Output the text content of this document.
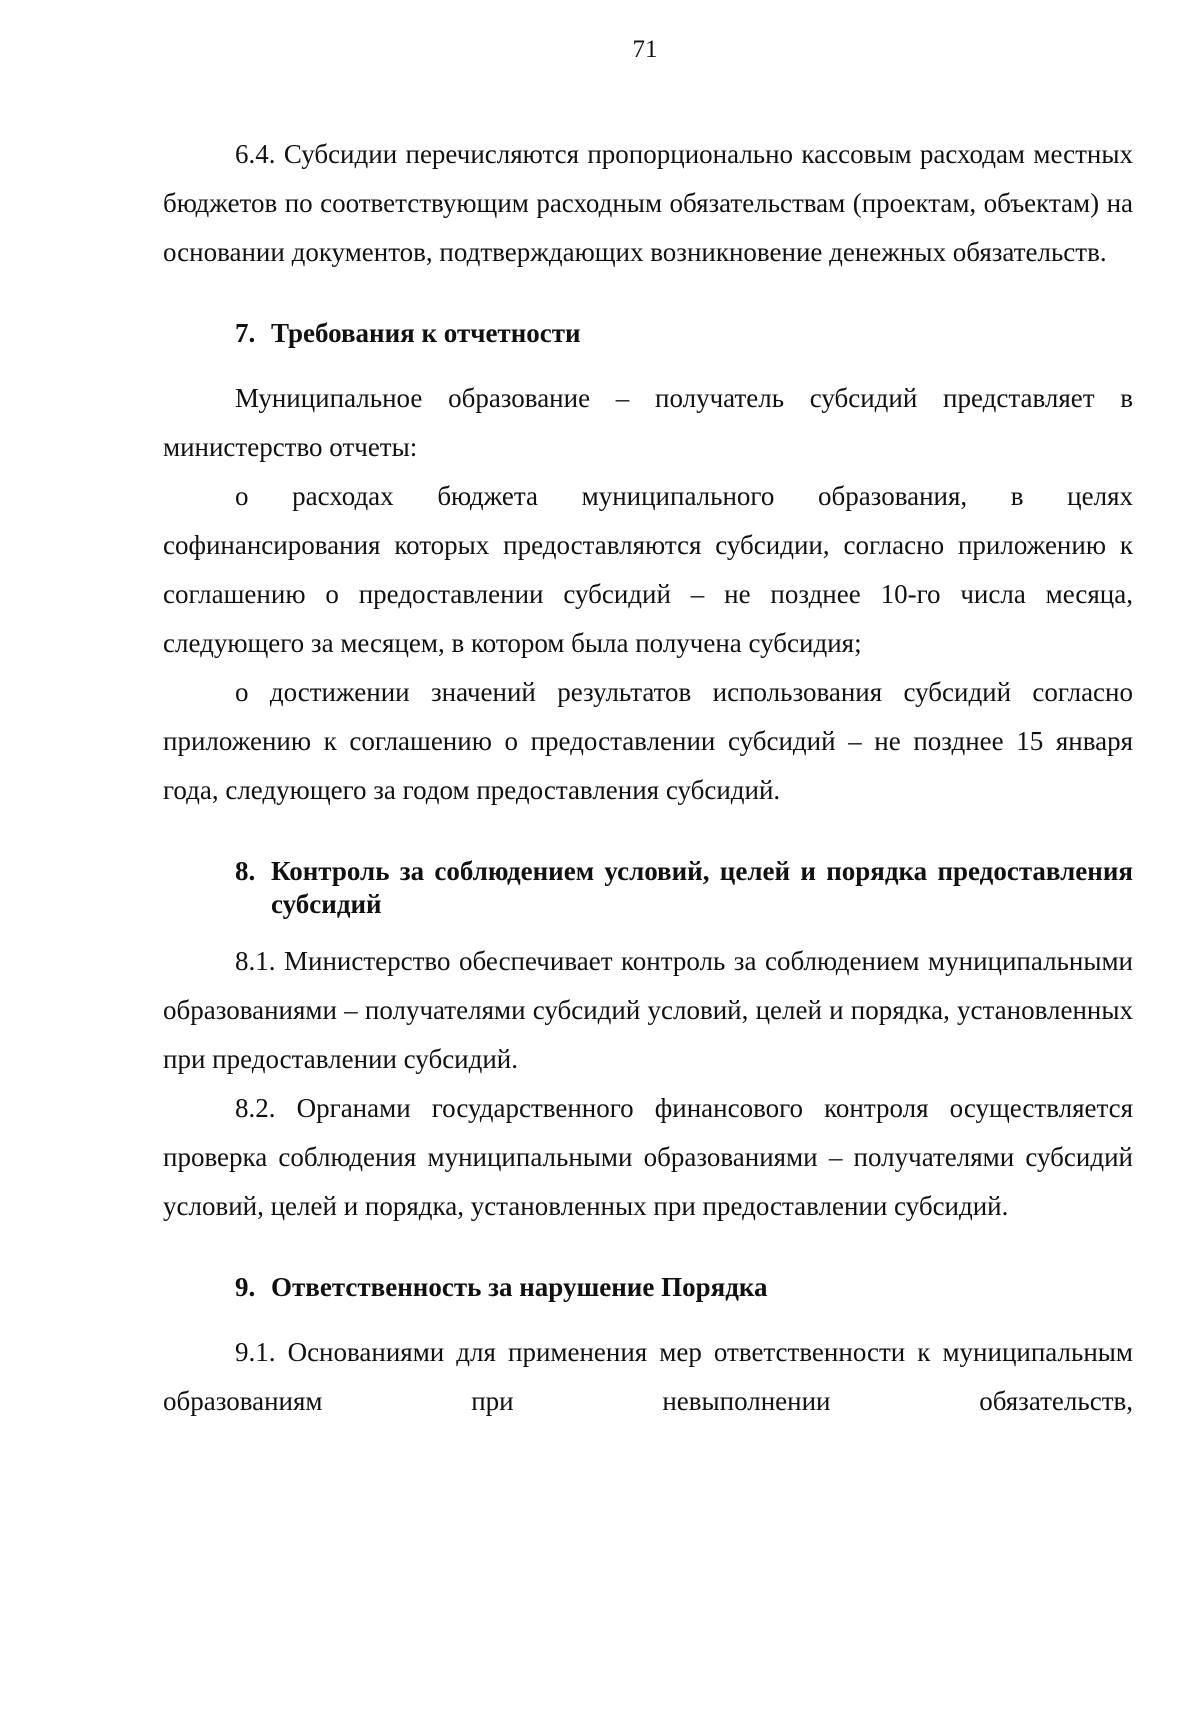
71

6.4. Субсидии перечисляются пропорционально кассовым расходам местных бюджетов по соответствующим расходным обязательствам (проектам, объектам) на основании документов, подтверждающих возникновение денежных обязательств.

7. Требования к отчетности

Муниципальное образование – получатель субсидий представляет в министерство отчеты:

о расходах бюджета муниципального образования, в целях софинансирования которых предоставляются субсидии, согласно приложению к соглашению о предоставлении субсидий – не позднее 10-го числа месяца, следующего за месяцем, в котором была получена субсидия;

о достижении значений результатов использования субсидий согласно приложению к соглашению о предоставлении субсидий – не позднее 15 января года, следующего за годом предоставления субсидий.

8. Контроль за соблюдением условий, целей и порядка предоставления субсидий

8.1. Министерство обеспечивает контроль за соблюдением муниципальными образованиями – получателями субсидий условий, целей и порядка, установленных при предоставлении субсидий.

8.2. Органами государственного финансового контроля осуществляется проверка соблюдения муниципальными образованиями – получателями субсидий условий, целей и порядка, установленных при предоставлении субсидий.

9. Ответственность за нарушение Порядка

9.1. Основаниями для применения мер ответственности к муниципальным образованиям при невыполнении обязательств,
